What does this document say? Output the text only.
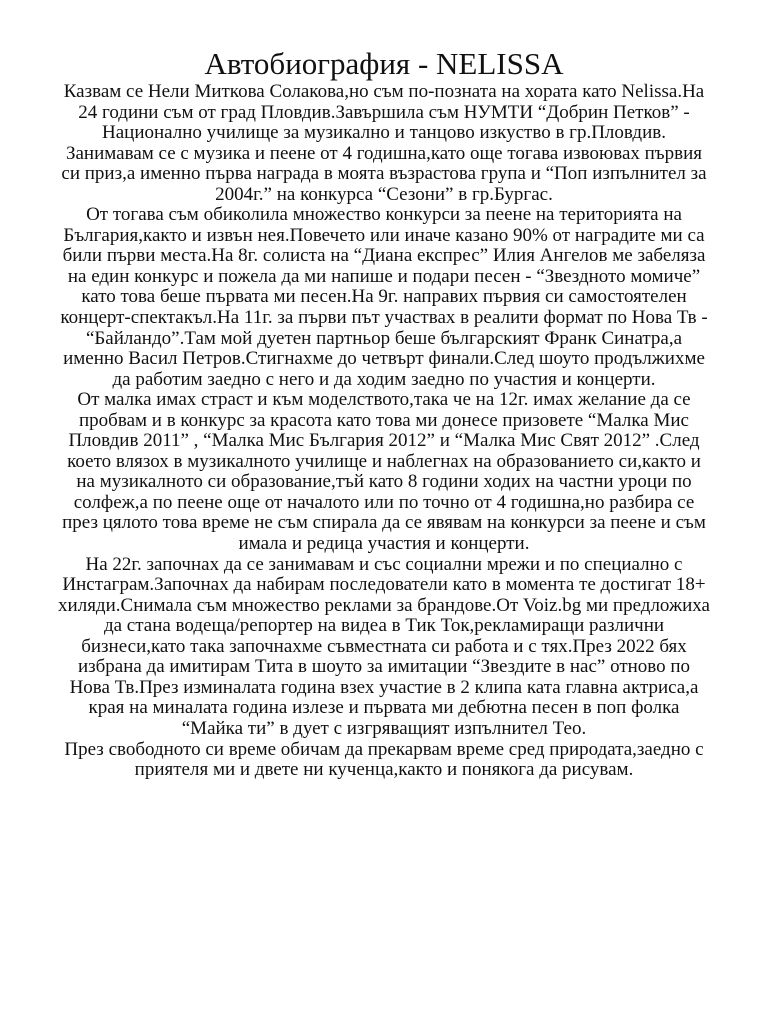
Автобиография - NELISSA

Казвам се Нели Миткова Солакова,но съм по-позната на хората като Nelissa.На 24 години съм от град Пловдив.Завършила съм НУМТИ “Добрин Петков” - Национално училище за музикално и танцово изкуство в гр.Пловдив.

Занимавам се с музика и пеене от 4 годишна,като още тогава извоювах първия си приз,а именно първа награда в моята възрастова група и “Поп изпълнител за 2004г.” на конкурса “Сезони” в гр.Бургас.

От тогава съм обиколила множество конкурси за пеене на територията на България,както и извън нея.Повечето или иначе казано 90% от наградите ми са били първи места.На 8г. солиста на “Диана експрес” Илия Ангелов ме забеляза на един конкурс и пожела да ми напише и подари песен - “Звездното момиче” като това беше първата ми песен.На 9г. направих първия си самостоятелен концерт-спектакъл.На 11г. за първи път участвах в реалити формат по Нова Тв - “Байландо”.Там мой дуетен партньор беше българският Франк Синатра,а именно Васил Петров.Стигнахме до четвърт финали.След шоуто продължихме да работим заедно с него и да ходим заедно по участия и концерти.

От малка имах страст и към моделството,така че на 12г. имах желание да се пробвам и в конкурс за красота като това ми донесе призовете “Малка Мис Пловдив 2011” , “Малка Мис България 2012” и “Малка Мис Свят 2012” .След което влязох в музикалното училище и наблегнах на образованието си,както и на музикалното си образование,тъй като 8 години ходих на частни уроци по солфеж,а по пеене още от началото или по точно от 4 годишна,но разбира се през цялото това време не съм спирала да се явявам на конкурси за пеене и съм имала и редица участия и концерти.

На 22г. започнах да се занимавам и със социални мрежи и по специално с Инстаграм.Започнах да набирам последователи като в момента те достигат 18+ хиляди.Снимала съм множество реклами за брандове.От Voiz.bg ми предложиха да стана водеща/репортер на видеа в Тик Ток,рекламиращи различни бизнеси,като така започнахме съвместната си работа и с тях.През 2022 бях избрана да имитирам Тита в шоуто за имитации “Звездите в нас” отново по Нова Тв.През изминалата година взех участие в 2 клипа ката главна актриса,а края на миналата година излезе и първата ми дебютна песен в поп фолка “Майка ти” в дует с изгряващият изпълнител Тео.

През свободното си време обичам да прекарвам време сред природата,заедно с приятеля ми и двете ни кученца,както и понякога да рисувам.
